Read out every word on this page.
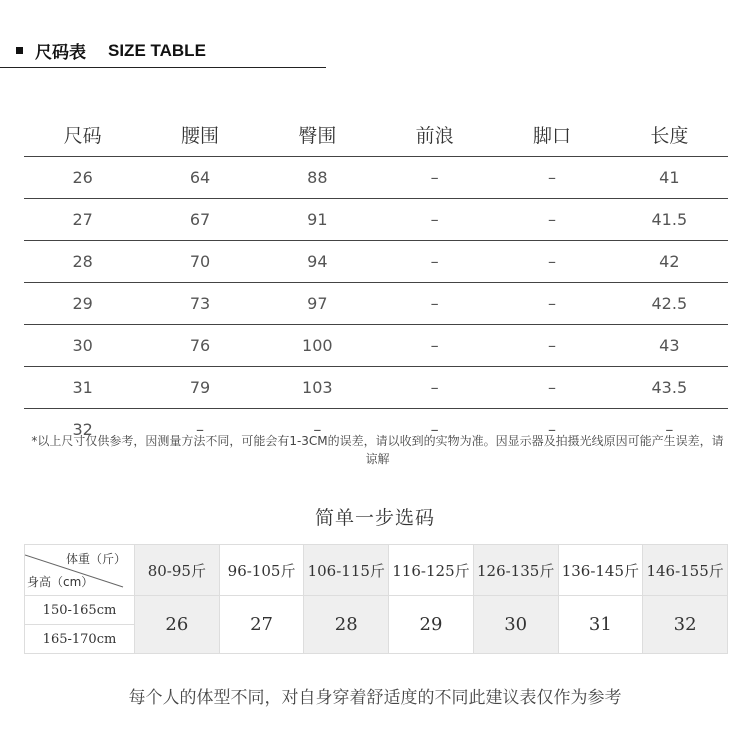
尺码表 SIZE TABLE
尺码	腰围	臀围	前浪	脚口	长度
26	64	88	–	–	41
27	67	91	–	–	41.5
28	70	94	–	–	42
29	73	97	–	–	42.5
30	76	100	–	–	43
31	79	103	–	–	43.5
32	–	–	–	–	–
*以上尺寸仅供参考，因测量方法不同，可能会有1-3CM的误差，请以收到的实物为准。因显示器及拍摄光线原因可能产生误差，请谅解
简单一步选码
体重（斤）
身高（cm）	80-95斤	96-105斤	106-115斤	116-125斤	126-135斤	136-145斤	146-155斤
150-165cm	26	27	28	29	30	31	32
165-170cm							
每个人的体型不同，对自身穿着舒适度的不同此建议表仅作为参考
